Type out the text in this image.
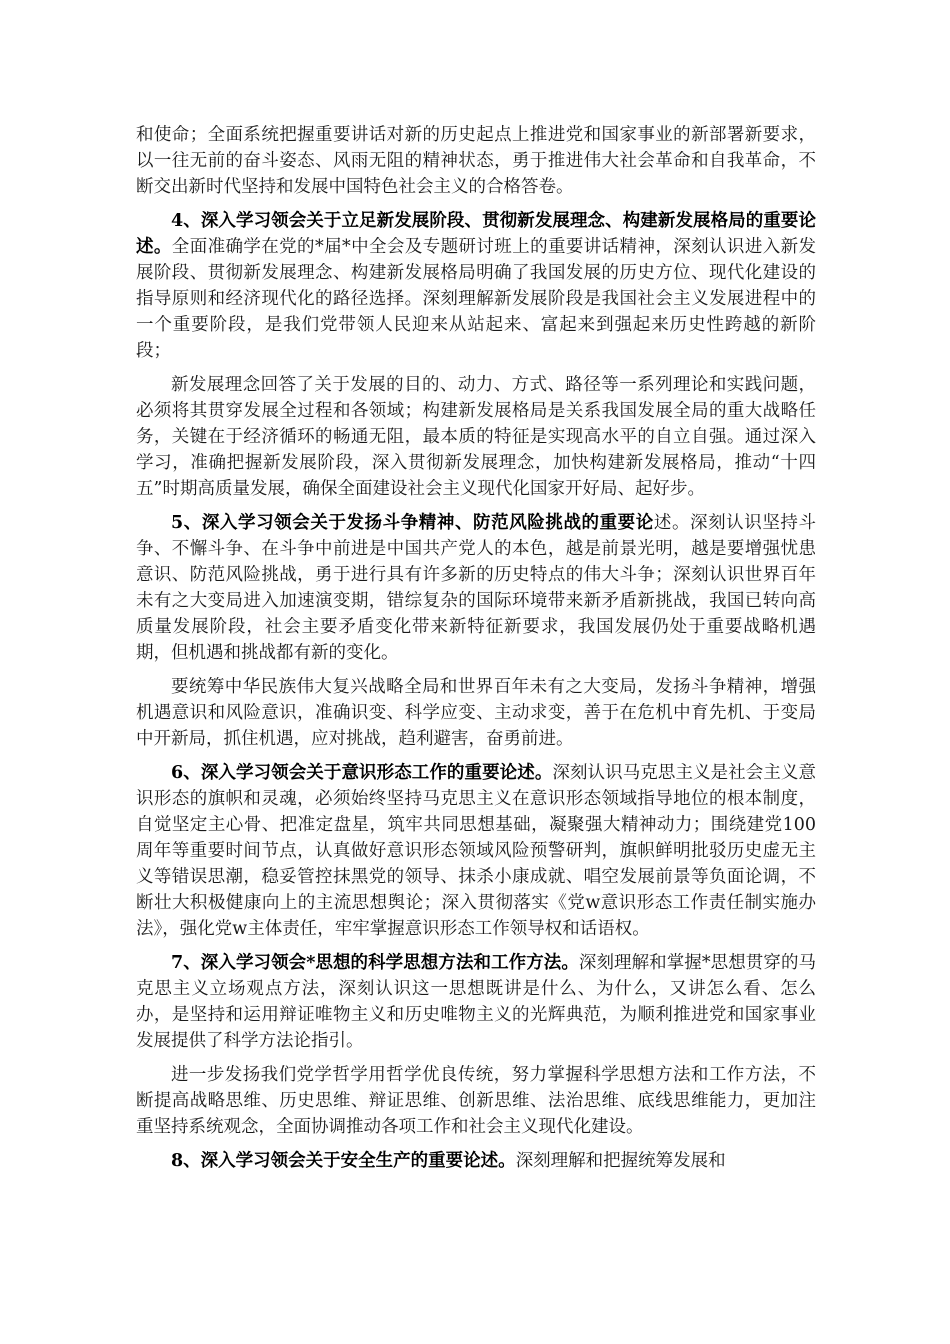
和使命；全面系统把握重要讲话对新的历史起点上推进党和国家事业的新部署新要求，以一往无前的奋斗姿态、风雨无阻的精神状态，勇于推进伟大社会革命和自我革命，不断交出新时代坚持和发展中国特色社会主义的合格答卷。

4、深入学习领会关于立足新发展阶段、贯彻新发展理念、构建新发展格局的重要论述。全面准确学在党的*届*中全会及专题研讨班上的重要讲话精神，深刻认识进入新发展阶段、贯彻新发展理念、构建新发展格局明确了我国发展的历史方位、现代化建设的指导原则和经济现代化的路径选择。深刻理解新发展阶段是我国社会主义发展进程中的一个重要阶段，是我们党带领人民迎来从站起来、富起来到强起来历史性跨越的新阶段；

新发展理念回答了关于发展的目的、动力、方式、路径等一系列理论和实践问题，必须将其贯穿发展全过程和各领域；构建新发展格局是关系我国发展全局的重大战略任务，关键在于经济循环的畅通无阻，最本质的特征是实现高水平的自立自强。通过深入学习，准确把握新发展阶段，深入贯彻新发展理念，加快构建新发展格局，推动“十四五”时期高质量发展，确保全面建设社会主义现代化国家开好局、起好步。

5、深入学习领会关于发扬斗争精神、防范风险挑战的重要论述。深刻认识坚持斗争、不懈斗争、在斗争中前进是中国共产党人的本色，越是前景光明，越是要增强忧患意识、防范风险挑战，勇于进行具有许多新的历史特点的伟大斗争；深刻认识世界百年未有之大变局进入加速演变期，错综复杂的国际环境带来新矛盾新挑战，我国已转向高质量发展阶段，社会主要矛盾变化带来新特征新要求，我国发展仍处于重要战略机遇期，但机遇和挑战都有新的变化。

要统筹中华民族伟大复兴战略全局和世界百年未有之大变局，发扬斗争精神，增强机遇意识和风险意识，准确识变、科学应变、主动求变，善于在危机中育先机、于变局中开新局，抓住机遇，应对挑战，趋利避害，奋勇前进。

6、深入学习领会关于意识形态工作的重要论述。深刻认识马克思主义是社会主义意识形态的旗帜和灵魂，必须始终坚持马克思主义在意识形态领域指导地位的根本制度，自觉坚定主心骨、把准定盘星，筑牢共同思想基础，凝聚强大精神动力；围绕建党100周年等重要时间节点，认真做好意识形态领域风险预警研判，旗帜鲜明批驳历史虚无主义等错误思潮，稳妥管控抹黑党的领导、抹杀小康成就、唱空发展前景等负面论调，不断壮大积极健康向上的主流思想舆论；深入贯彻落实《党w意识形态工作责任制实施办法》，强化党w主体责任，牢牢掌握意识形态工作领导权和话语权。

7、深入学习领会*思想的科学思想方法和工作方法。深刻理解和掌握*思想贯穿的马克思主义立场观点方法，深刻认识这一思想既讲是什么、为什么，又讲怎么看、怎么办，是坚持和运用辩证唯物主义和历史唯物主义的光辉典范，为顺利推进党和国家事业发展提供了科学方法论指引。

进一步发扬我们党学哲学用哲学优良传统，努力掌握科学思想方法和工作方法，不断提高战略思维、历史思维、辩证思维、创新思维、法治思维、底线思维能力，更加注重坚持系统观念，全面协调推动各项工作和社会主义现代化建设。

8、深入学习领会关于安全生产的重要论述。深刻理解和把握统筹发展和
